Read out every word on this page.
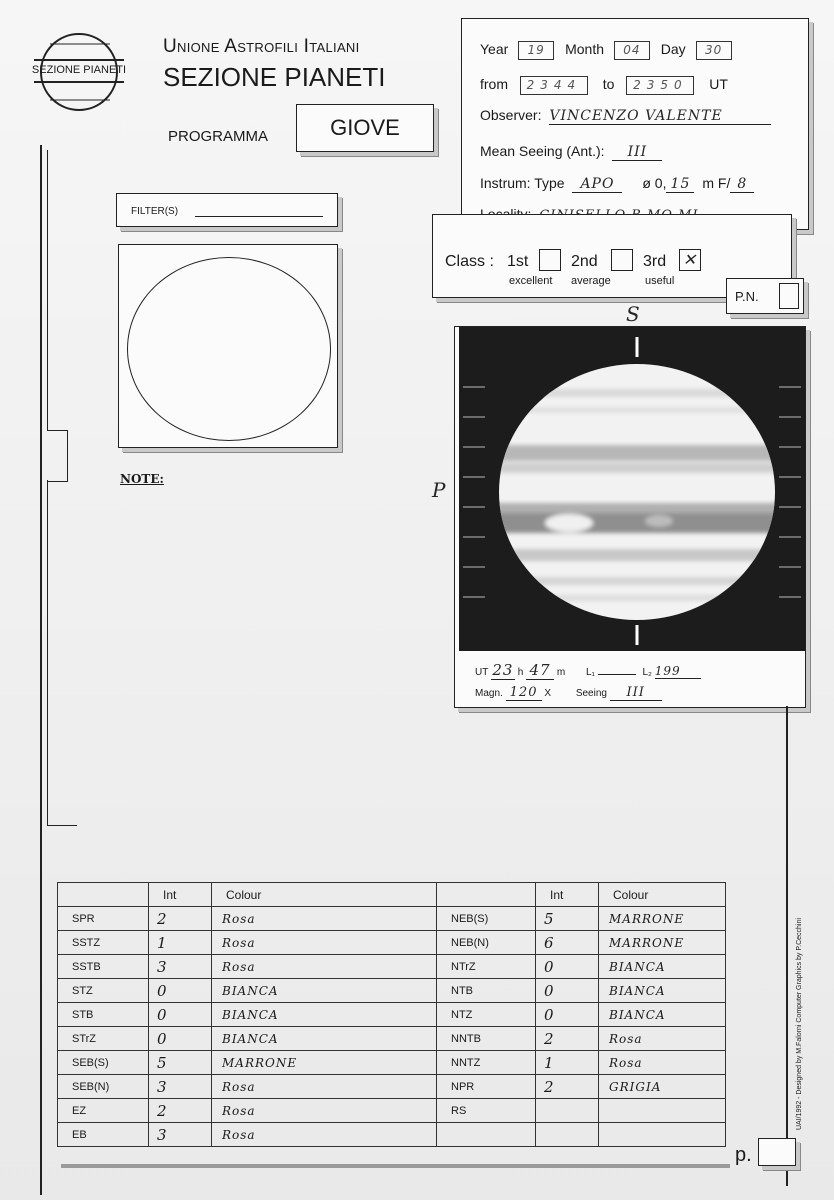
SEZIONE PIANETI
Unione Astrofili Italiani
SEZIONE PIANETI
PROGRAMMA	GIOVE
Year 19 Month 04 Day 30
from 2344 to 2350 UT
Observer: VINCENZO VALENTE
Mean Seeing (Ant.): III
Instrum: Type APO ø 0, 15 m F/ 8
Class : 1st
excellent
2nd
average
3rd ✕
useful
P.N.
FILTER(S)
NOTE:
S
P
UT 23 h 47 m L₁	L₂ 199
Magn. 120 X Seeing III
UAI/1992 - Designed by M.Falorni Computer Graphics by P.Cecchini
	Int	Colour		Int	Colour
SPR	2	Rosa	NEB(S)	5	MARRONE
SSTZ	1	Rosa	NEB(N)	6	MARRONE
SSTB	3	Rosa	NTrZ	0	BIANCA
STZ	0	BIANCA	NTB	0	BIANCA
STB	0	BIANCA	NTZ	0	BIANCA
STrZ	0	BIANCA	NNTB	2	Rosa
SEB(S)	5	MARRONE	NNTZ	1	Rosa
SEB(N)	3	Rosa	NPR	2	GRIGIA
EZ	2	Rosa	RS		
EB	3	Rosa			
p.
